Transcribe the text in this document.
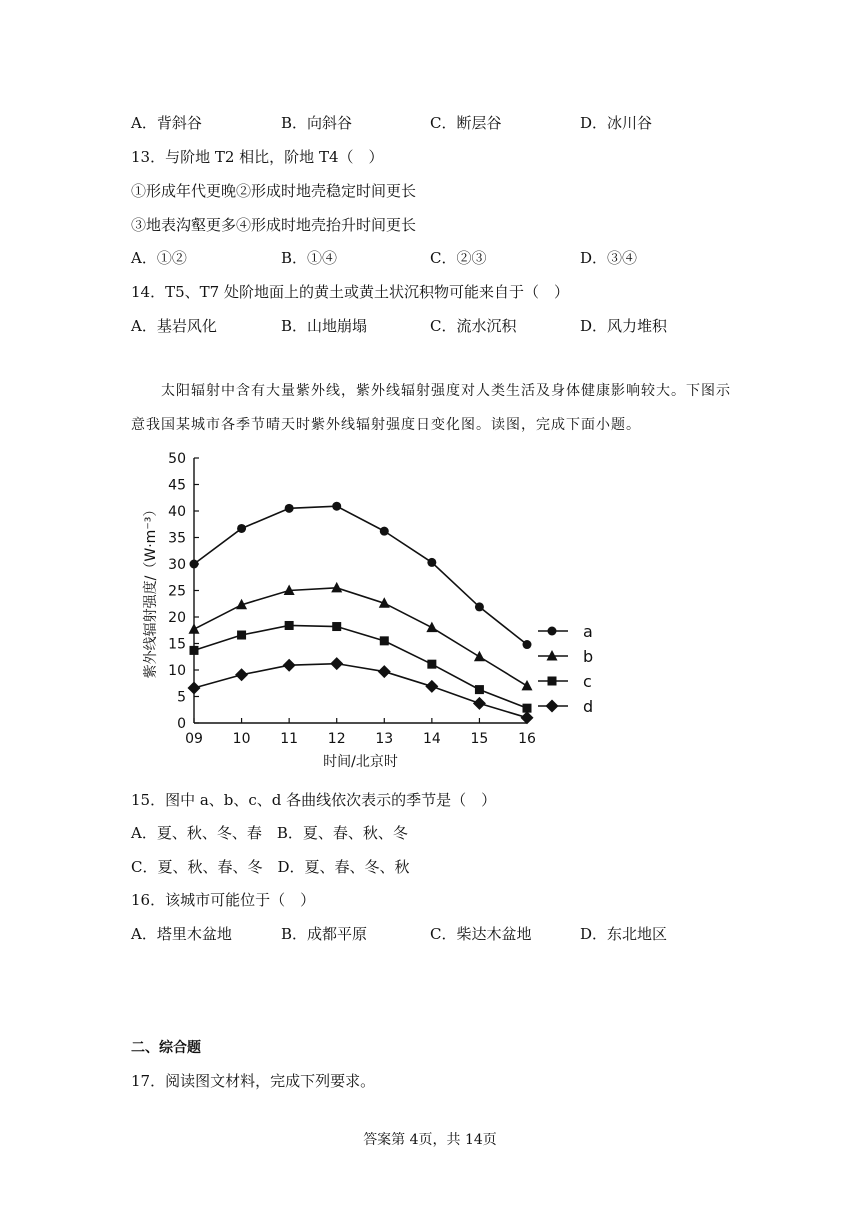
A．背斜谷	B．向斜谷	C．断层谷	D．冰川谷
13．与阶地 T2 相比，阶地 T4（　）
①形成年代更晚②形成时地壳稳定时间更长
③地表沟壑更多④形成时地壳抬升时间更长
A．①②	B．①④	C．②③	D．③④
14．T5、T7 处阶地面上的黄土或黄土状沉积物可能来自于（　）
A．基岩风化	B．山地崩塌	C．流水沉积	D．风力堆积
太阳辐射中含有大量紫外线，紫外线辐射强度对人类生活及身体健康影响较大。下图示意我国某城市各季节晴天时紫外线辐射强度日变化图。读图，完成下面小题。
0
5
10
15
20
25
30
35
40
45
50
09 10 11 12 13 14 15 16
时间/北京时
紫外线辐射强度/（W·m⁻³）	a
b
c
d
15．图中 a、b、c、d 各曲线依次表示的季节是（　）
A．夏、秋、冬、春　B．夏、春、秋、冬
C．夏、秋、春、冬　D．夏、春、冬、秋
16．该城市可能位于（　）
A．塔里木盆地	B．成都平原	C．柴达木盆地	D．东北地区
二、综合题
17．阅读图文材料，完成下列要求。
答案第 4页，共 14页
